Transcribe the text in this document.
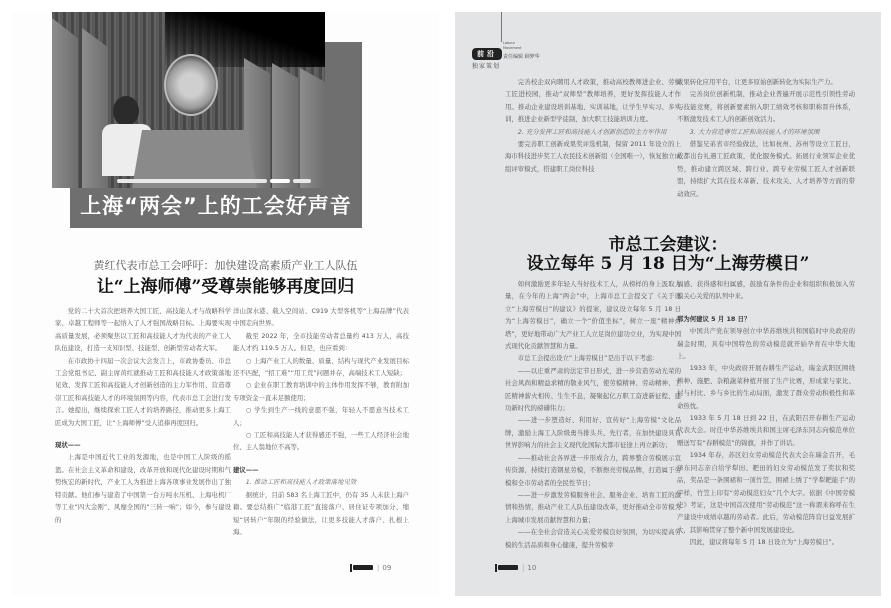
上海“两会”上的工会好声音
黄红代表市总工会呼吁：加快建设高素质产业工人队伍
让“上海师傅”受尊崇能够再度回归

党的二十大首次把培养大国工匠、高技能人才与战略科学家、卓越工程师等一起纳入了人才强国战略目标。上海要实现高质量发展，必须聚焦以工匠和高技能人才为代表的产业工人队伍建设，打造一支知识型、技能型、创新型劳动者大军。

在市政协十四届一次会议大会发言上，市政协委员、市总工会党组书记、副主席黄红就推动工匠和高技能人才政策落地见效、发挥工匠和高技能人才创新创造的主力军作用、营造尊崇工匠和高技能人才的环境氛围等内容，代表市总工会进行发言。她提出，继续探索工匠人才的培养路径，推动更多上海工匠成为大国工匠，让“上海师傅”受人追捧再度回归。

现状——

上海是中国近代工业的发源地，也是中国工人阶级的摇篮。在社会主义革命和建设、改革开放和现代化建设时期和气势恢宏的新时代，产业工人为推进上海各项事业发展作出了独特贡献。他们参与建造了中国第一台万吨水压机、上海电机厂等工业“四大金刚”、风靡全国的“三转一响”；如今，参与建设的

洋山深水港、载人空间站、C919 大型客机等“上海品牌”代表中国走向世界。

截至 2022 年，全市技能劳动者总量约 413 万人，高技能人才约 119.5 万人。但是，也应看到：

○ 上海产业工人的数量、质量、结构与现代产业发展目标还不匹配，“招工难”“用工荒”问题并存，高端技术工人短缺；

○ 企业在职工教育培训中的主体作用发挥不够，教育附加专项资金一直未足额使用；

○ 学生到生产一线的意愿不强，年轻人不愿意当技术工人；

○ 工匠和高技能人才获得感还不强，一些工人经济社会地位、主人翁地位不高等。

建议——

1. 推动工匠和高技能人才政策落地见效

据统计，目前 583 名上海工匠中，仍有 35 人未获上海户籍。要总结推广“临港工匠”直接落户、居住证专项加分、缩短“居转户”年限的经验做法，让更多技能人才落户、扎根上海。

| 09
前沿
独家策划
Labour
Movement
责任编辑 顾梦华

完善校企双向聘用人才政策，推动高校教师进企业、劳模工匠进校园，推动“双师型”教师培养，更好发挥技能人才作用。推动企业建设培训基地、实训基地，让学生早实习、多实训，推进企业新型学徒制，加大职工技能培训力度。

2. 充分发挥工匠和高技能人才创新创造的主力军作用

要完善职工创新成果奖评选机制，保留 2011 年设立的上海市科技进步奖工人农民技术创新组（全国唯一），恢复独立成组评审模式，搭建职工岗位科技

成果转化应用平台，让更多原始创新转化为实际生产力。

完善岗位创新机制，推动企业普遍开展示范性引领性劳动与技能竞赛，将创新要素纳入职工绩效考核和职称晋升体系，不断激发技术工人的创新创效活力。

3. 大力营造尊崇工匠和高技能人才的环境氛围

借鉴兄弟省市经验做法，比如杭州、苏州等设立工匠日，成都出台礼遇工匠政策，优化服务模式。拓展行业领军企业优势，推动建立跨区域、跨行业、跨专业劳模工匠人才创新联盟，持续扩大其在技术革新、技术攻关、人才培养等方面的带动效应。

市总工会建议：
设立每年 5 月 18 日为“上海劳模日”

如何激励更多年轻人当好技术工人，从榜样的身上汲取力量，在今年的上海“两会”中，上海市总工会提交了《关于设立“上海劳模日”的建议》的提案，建议设立每年 5 月 18 日为“上海劳模日”，确立一个“价值坐标”，树立一座“精神灯塔”，更好地带动广大产业工人立足岗位建功立业，为实现中国式现代化贡献智慧和力量。

市总工会提出设立“上海劳模日”是出于以下考虑：

——以庄重严肃的法定节日形式，进一步营造劳动光荣的社会风尚和精益求精的敬业风气，使劳模精神、劳动精神、工匠精神薪火相传、生生不息，凝聚起亿万职工奋进新征程、建功新时代的磅礴伟力；

——进一步塑造好、利用好、宣传好“上海劳模”文化品牌，激励上海工人阶级勇当排头兵、先行者，在加快建设具有世界影响力的社会主义现代化国际大都市征途上再立新功；

——推动社会各界进一步形成合力，跨界整合劳模展示宣传资源，持续打造钢星劳模，不断擦亮劳模品牌，打造属于劳模和全市劳动者的全民性节日；

——进一步激发劳模服务社会、服务企业、培育工匠的激情和热情，推动产业工人队伍建设改革，更好推动全市劳模为上海城市发展贡献智慧和力量；

——在全社会营造关心关爱劳模良好氛围，为切实提高劳模的生活品质和身心健康，提升劳模幸

福感、获得感和归属感，鼓励有条件的企业和组织积极加入劳模关心关爱的队列中来。

那为何建议 5 月 18 日？

中国共产党在领导创立中华苏维埃共和国临时中央政府的瑞金时期，具有中国特色的劳动模范就开始孕育在中华大地上。

1933 年，中央政府开展春耕生产运动，瑞金武阳区围绕耕种、施肥、杂粮蔬菜种植开展了生产比赛，形成家与家比、村与村比、乡与乡比的生动局面，激发了群众劳动积极性和革命热忱。

1933 年 5 月 18 日到 22 日，在武阳召开春耕生产运动代表大会。时任中华苏维埃共和国主席毛泽东同志向模范单位赠送写有“春耕模范”的锦旗，并作了讲话。

1934 年春，苏区妇女劳动模范代表大会在瑞金召开，毛泽东同志亲自给学犁田、耙田的妇女劳动模范发了奖状和奖品，奖品是一条围裙和一顶竹笠，围裙上绣了“学犁耙能手”的字样，竹笠上印有“劳动模范妇女”几个大字。依据《中国劳模史》考证，这是中国首次使用“劳动模范”这一称谓来称呼在生产建设中成绩卓越的劳动者。此后，劳动模范阵营日益发展扩大，其影响贯穿了整个新中国发展建设史。

因此，建议将每年 5 月 18 日设立为“上海劳模日”。

| 10
